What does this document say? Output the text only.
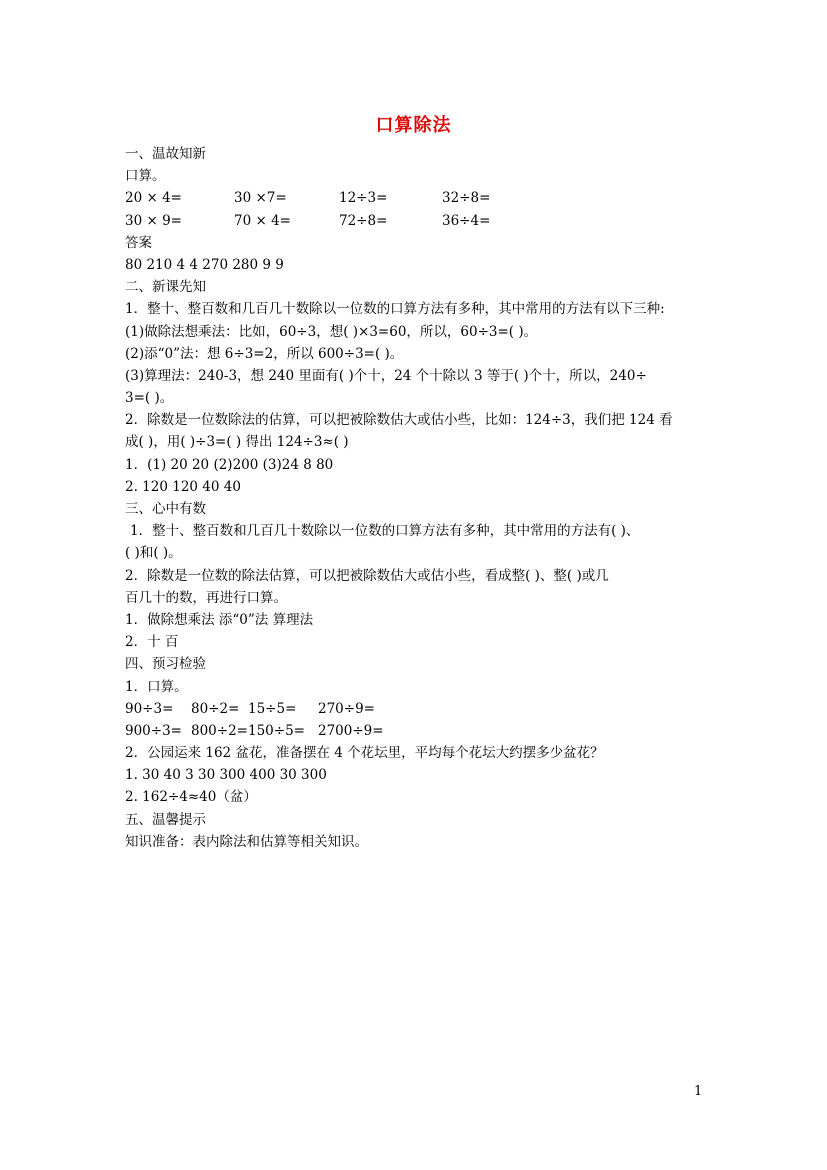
口算除法
一、温故知新
口算。
20 × 4=	30 ×7=	12÷3=	32÷8=
30 × 9=	70 × 4=	72÷8=	36÷4=
答案
80 210 4 4 270 280 9 9
二、新课先知
1．整十、整百数和几百几十数除以一位数的口算方法有多种，其中常用的方法有以下三种:
(1)做除法想乘法：比如，60÷3，想( )×3=60，所以，60÷3=( )。
(2)添“0”法：想 6÷3=2，所以 600÷3=( )。
(3)算理法：240-3，想 240 里面有( )个十，24 个十除以 3 等于( )个十，所以，240÷
3=( )。
2．除数是一位数除法的估算，可以把被除数估大或估小些，比如：124÷3，我们把 124 看
成( )，用( )÷3=( ) 得出 124÷3≈( )
1．(1) 20 20 (2)200 (3)24 8 80
2. 120 120 40 40
三、心中有数
1．整十、整百数和几百几十数除以一位数的口算方法有多种，其中常用的方法有( )、
( )和( )。
2．除数是一位数的除法估算，可以把被除数估大或估小些，看成整( )、整( )或几
百几十的数，再进行口算。
1．做除想乘法 添“0”法 算理法
2．十 百
四、预习检验
1．口算。
90÷3=	80÷2= 15÷5=	270÷9=
900÷3= 800÷2= 150÷5= 2700÷9=
2．公园运来 162 盆花，准备摆在 4 个花坛里，平均每个花坛大约摆多少盆花？
1. 30 40 3 30 300 400 30 300
2. 162÷4≈40（盆）
五、温馨提示
知识准备：表内除法和估算等相关知识。
1
